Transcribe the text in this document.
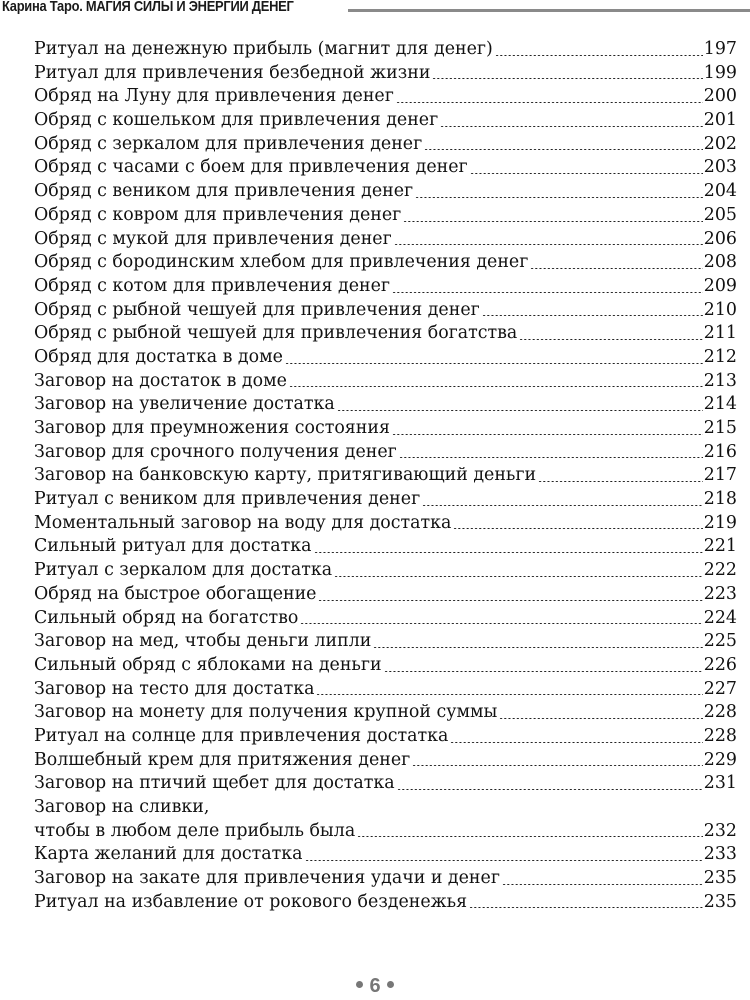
Карина Таро. МАГИЯ СИЛЫ И ЭНЕРГИИ ДЕНЕГ
Ритуал на денежную прибыль (магнит для денег)	197
Ритуал для привлечения безбедной жизни	199
Обряд на Луну для привлечения денег	200
Обряд с кошельком для привлечения денег	201
Обряд с зеркалом для привлечения денег	202
Обряд с часами с боем для привлечения денег	203
Обряд с веником для привлечения денег	204
Обряд с ковром для привлечения денег	205
Обряд с мукой для привлечения денег	206
Обряд с бородинским хлебом для привлечения денег	208
Обряд с котом для привлечения денег	209
Обряд с рыбной чешуей для привлечения денег	210
Обряд с рыбной чешуей для привлечения богатства	211
Обряд для достатка в доме	212
Заговор на достаток в доме	213
Заговор на увеличение достатка	214
Заговор для преумножения состояния	215
Заговор для срочного получения денег	216
Заговор на банковскую карту, притягивающий деньги	217
Ритуал с веником для привлечения денег	218
Моментальный заговор на воду для достатка	219
Сильный ритуал для достатка	221
Ритуал с зеркалом для достатка	222
Обряд на быстрое обогащение	223
Сильный обряд на богатство	224
Заговор на мед, чтобы деньги липли	225
Сильный обряд с яблоками на деньги	226
Заговор на тесто для достатка	227
Заговор на монету для получения крупной суммы	228
Ритуал на солнце для привлечения достатка	228
Волшебный крем для притяжения денег	229
Заговор на птичий щебет для достатка	231
Заговор на сливки,
чтобы в любом деле прибыль была	232
Карта желаний для достатка	233
Заговор на закате для привлечения удачи и денег	235
Ритуал на избавление от рокового безденежья	235
6
